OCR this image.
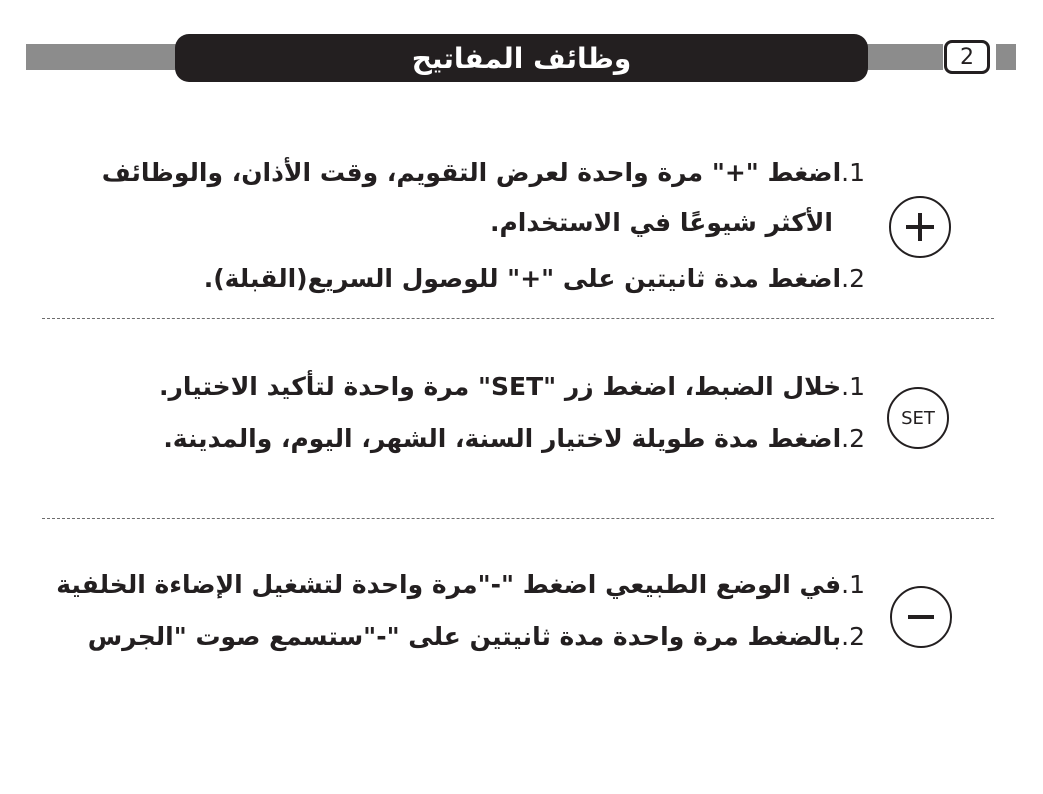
وظائف المفاتيح	2
1.اضغط "+" مرة واحدة لعرض التقويم، وقت الأذان، والوظائف
الأكثر شيوعًا في الاستخدام.
2.اضغط مدة ثانيتين على "+" للوصول السريع(القبلة).
SET
1.خلال الضبط، اضغط زر "SET" مرة واحدة لتأكيد الاختيار.
2.اضغط مدة طويلة لاختيار السنة، الشهر، اليوم، والمدينة.
1.في الوضع الطبيعي اضغط "-"مرة واحدة لتشغيل الإضاءة الخلفية
2.بالضغط مرة واحدة مدة ثانيتين على "-"ستسمع صوت "الجرس
